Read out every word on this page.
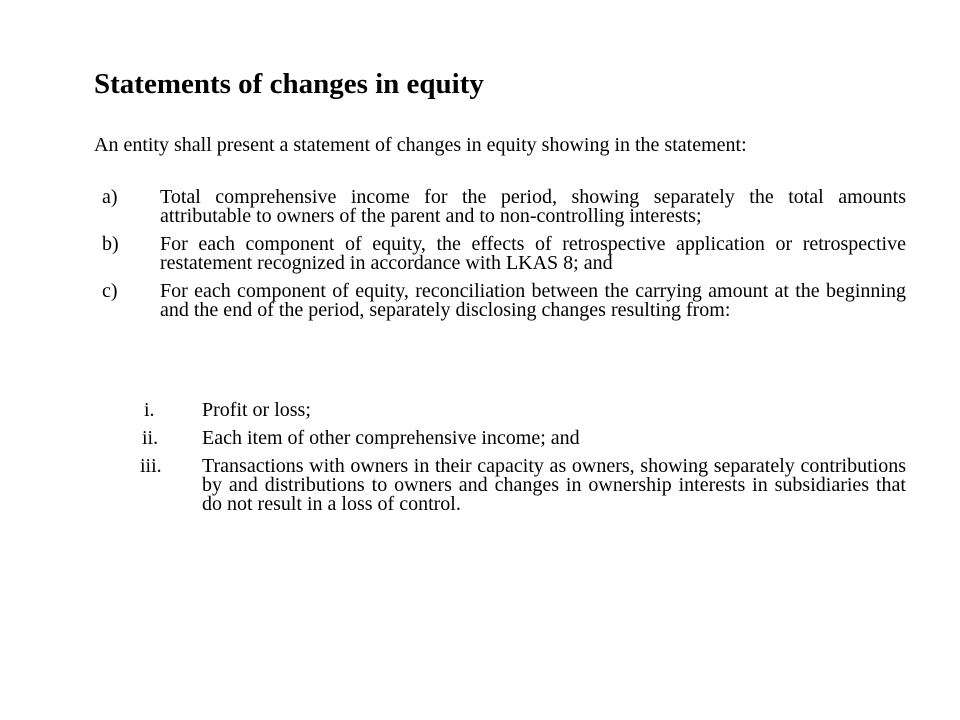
Statements of changes in equity

An entity shall present a statement of changes in equity showing in the statement:

a) Total comprehensive income for the period, showing separately the total amounts attributable to owners of the parent and to non-controlling interests;
b) For each component of equity, the effects of retrospective application or retrospective restatement recognized in accordance with LKAS 8; and
c) For each component of equity, reconciliation between the carrying amount at the beginning and the end of the period, separately disclosing changes resulting from:
i. Profit or loss;
ii. Each item of other comprehensive income; and
iii. Transactions with owners in their capacity as owners, showing separately contributions by and distributions to owners and changes in ownership interests in subsidiaries that do not result in a loss of control.
